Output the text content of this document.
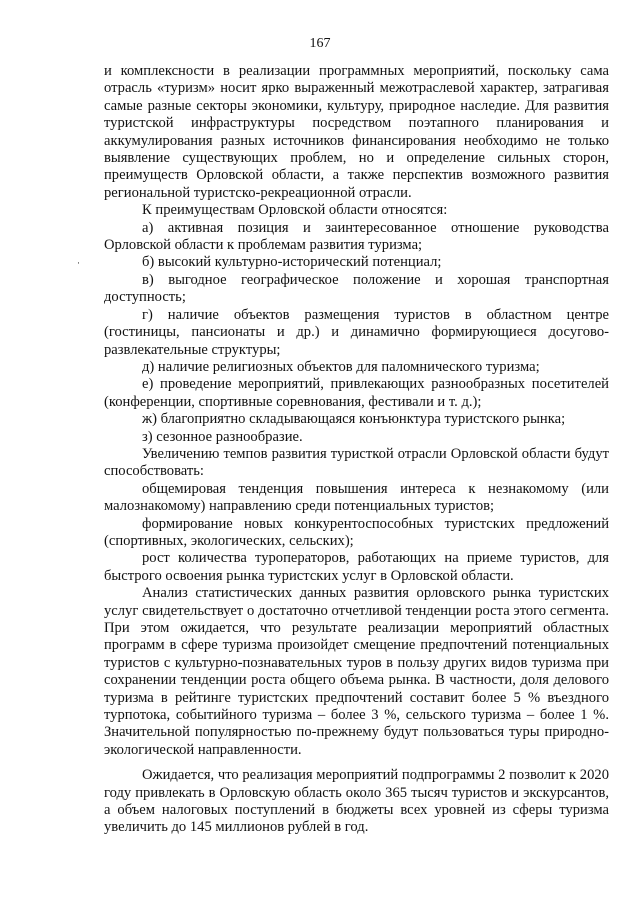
167
·

и комплексности в реализации программных мероприятий, поскольку сама отрасль «туризм» носит ярко выраженный межотраслевой характер, затрагивая самые разные секторы экономики, культуру, природное наследие. Для развития туристской инфраструктуры посредством поэтапного планирования и аккумулирования разных источников финансирования необходимо не только выявление существующих проблем, но и определение сильных сторон, преимуществ Орловской области, а также перспектив возможного развития региональной туристско-рекреационной отрасли.

К преимуществам Орловской области относятся:

а) активная позиция и заинтересованное отношение руководства Орловской области к проблемам развития туризма;

б) высокий культурно-исторический потенциал;

в) выгодное географическое положение и хорошая транспортная доступность;

г) наличие объектов размещения туристов в областном центре (гостиницы, пансионаты и др.) и динамично формирующиеся досугово-развлекательные структуры;

д) наличие религиозных объектов для паломнического туризма;

е) проведение мероприятий, привлекающих разнообразных посетителей (конференции, спортивные соревнования, фестивали и т. д.);

ж) благоприятно складывающаяся конъюнктура туристского рынка;

з) сезонное разнообразие.

Увеличению темпов развития туристкой отрасли Орловской области будут способствовать:

общемировая тенденция повышения интереса к незнакомому (или малознакомому) направлению среди потенциальных туристов;

формирование новых конкурентоспособных туристских предложений (спортивных, экологических, сельских);

рост количества туроператоров, работающих на приеме туристов, для быстрого освоения рынка туристских услуг в Орловской области.

Анализ статистических данных развития орловского рынка туристских услуг свидетельствует о достаточно отчетливой тенденции роста этого сегмента. При этом ожидается, что результате реализации мероприятий областных программ в сфере туризма произойдет смещение предпочтений потенциальных туристов с культурно-познавательных туров в пользу других видов туризма при сохранении тенденции роста общего объема рынка. В частности, доля делового туризма в рейтинге туристских предпочтений составит более 5 % въездного турпотока, событийного туризма – более 3 %, сельского туризма – более 1 %. Значительной популярностью по-прежнему будут пользоваться туры природно-экологической направленности.

Ожидается, что реализация мероприятий подпрограммы 2 позволит к 2020 году привлекать в Орловскую область около 365 тысяч туристов и экскурсантов, а объем налоговых поступлений в бюджеты всех уровней из сферы туризма увеличить до 145 миллионов рублей в год.
